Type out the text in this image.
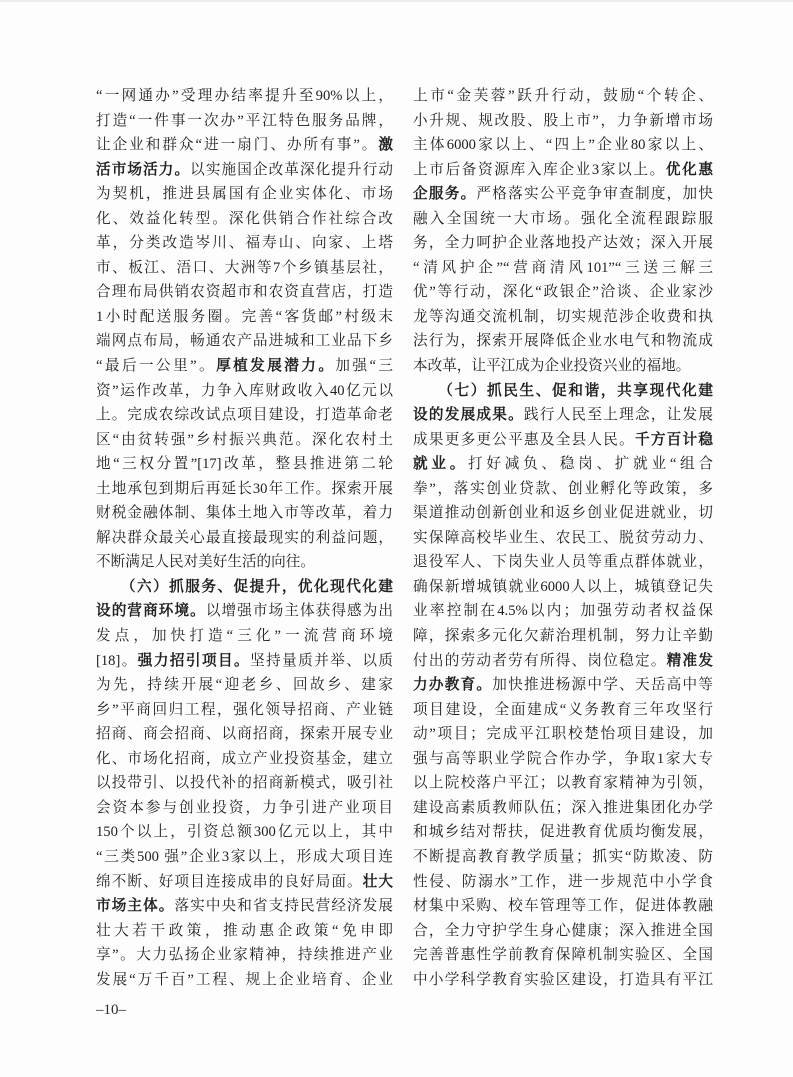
“一网通办”受理办结率提升至90%以上，
打造“一件事一次办”平江特色服务品牌，
让企业和群众“进一扇门、办所有事”。激
活市场活力。以实施国企改革深化提升行动
为契机，推进县属国有企业实体化、市场
化、效益化转型。深化供销合作社综合改
革，分类改造岑川、福寿山、向家、上塔
市、板江、浯口、大洲等7个乡镇基层社，
合理布局供销农资超市和农资直营店，打造
1小时配送服务圈。完善“客货邮”村级末
端网点布局，畅通农产品进城和工业品下乡
“最后一公里”。厚植发展潜力。加强“三
资”运作改革，力争入库财政收入40亿元以
上。完成农综改试点项目建设，打造革命老
区“由贫转强”乡村振兴典范。深化农村土
地“三权分置”[17]改革，整县推进第二轮
土地承包到期后再延长30年工作。探索开展
财税金融体制、集体土地入市等改革，着力
解决群众最关心最直接最现实的利益问题，
不断满足人民对美好生活的向往。
　　（六）抓服务、促提升，优化现代化建
设的营商环境。以增强市场主体获得感为出
发点，加快打造“三化”一流营商环境
[18]。强力招引项目。坚持量质并举、以质
为先，持续开展“迎老乡、回故乡、建家
乡”平商回归工程，强化领导招商、产业链
招商、商会招商、以商招商，探索开展专业
化、市场化招商，成立产业投资基金，建立
以投带引、以投代补的招商新模式，吸引社
会资本参与创业投资，力争引进产业项目
150个以上，引资总额300亿元以上，其中
“三类500 强”企业3家以上，形成大项目连
绵不断、好项目连接成串的良好局面。壮大
市场主体。落实中央和省支持民营经济发展
壮大若干政策，推动惠企政策“免申即
享”。大力弘扬企业家精神，持续推进产业
发展“万千百”工程、规上企业培育、企业
上市“金芙蓉”跃升行动，鼓励“个转企、
小升规、规改股、股上市”，力争新增市场
主体6000家以上、“四上”企业80家以上、
上市后备资源库入库企业3家以上。优化惠
企服务。严格落实公平竞争审查制度，加快
融入全国统一大市场。强化全流程跟踪服
务，全力呵护企业落地投产达效；深入开展
“清风护企”“营商清风101”“三送三解三
优”等行动，深化“政银企”洽谈、企业家沙
龙等沟通交流机制，切实规范涉企收费和执
法行为，探索开展降低企业水电气和物流成
本改革，让平江成为企业投资兴业的福地。
　　（七）抓民生、促和谐，共享现代化建
设的发展成果。践行人民至上理念，让发展
成果更多更公平惠及全县人民。千方百计稳
就业。打好减负、稳岗、扩就业“组合
拳”，落实创业贷款、创业孵化等政策，多
渠道推动创新创业和返乡创业促进就业，切
实保障高校毕业生、农民工、脱贫劳动力、
退役军人、下岗失业人员等重点群体就业，
确保新增城镇就业6000人以上，城镇登记失
业率控制在4.5%以内；加强劳动者权益保
障，探索多元化欠薪治理机制，努力让辛勤
付出的劳动者劳有所得、岗位稳定。精准发
力办教育。加快推进杨源中学、天岳高中等
项目建设，全面建成“义务教育三年攻坚行
动”项目；完成平江职校楚怡项目建设，加
强与高等职业学院合作办学，争取1家大专
以上院校落户平江；以教育家精神为引领，
建设高素质教师队伍；深入推进集团化办学
和城乡结对帮扶，促进教育优质均衡发展，
不断提高教育教学质量；抓实“防欺凌、防
性侵、防溺水”工作，进一步规范中小学食
材集中采购、校车管理等工作，促进体教融
合，全力守护学生身心健康；深入推进全国
完善普惠性学前教育保障机制实验区、全国
中小学科学教育实验区建设，打造具有平江
–10–
